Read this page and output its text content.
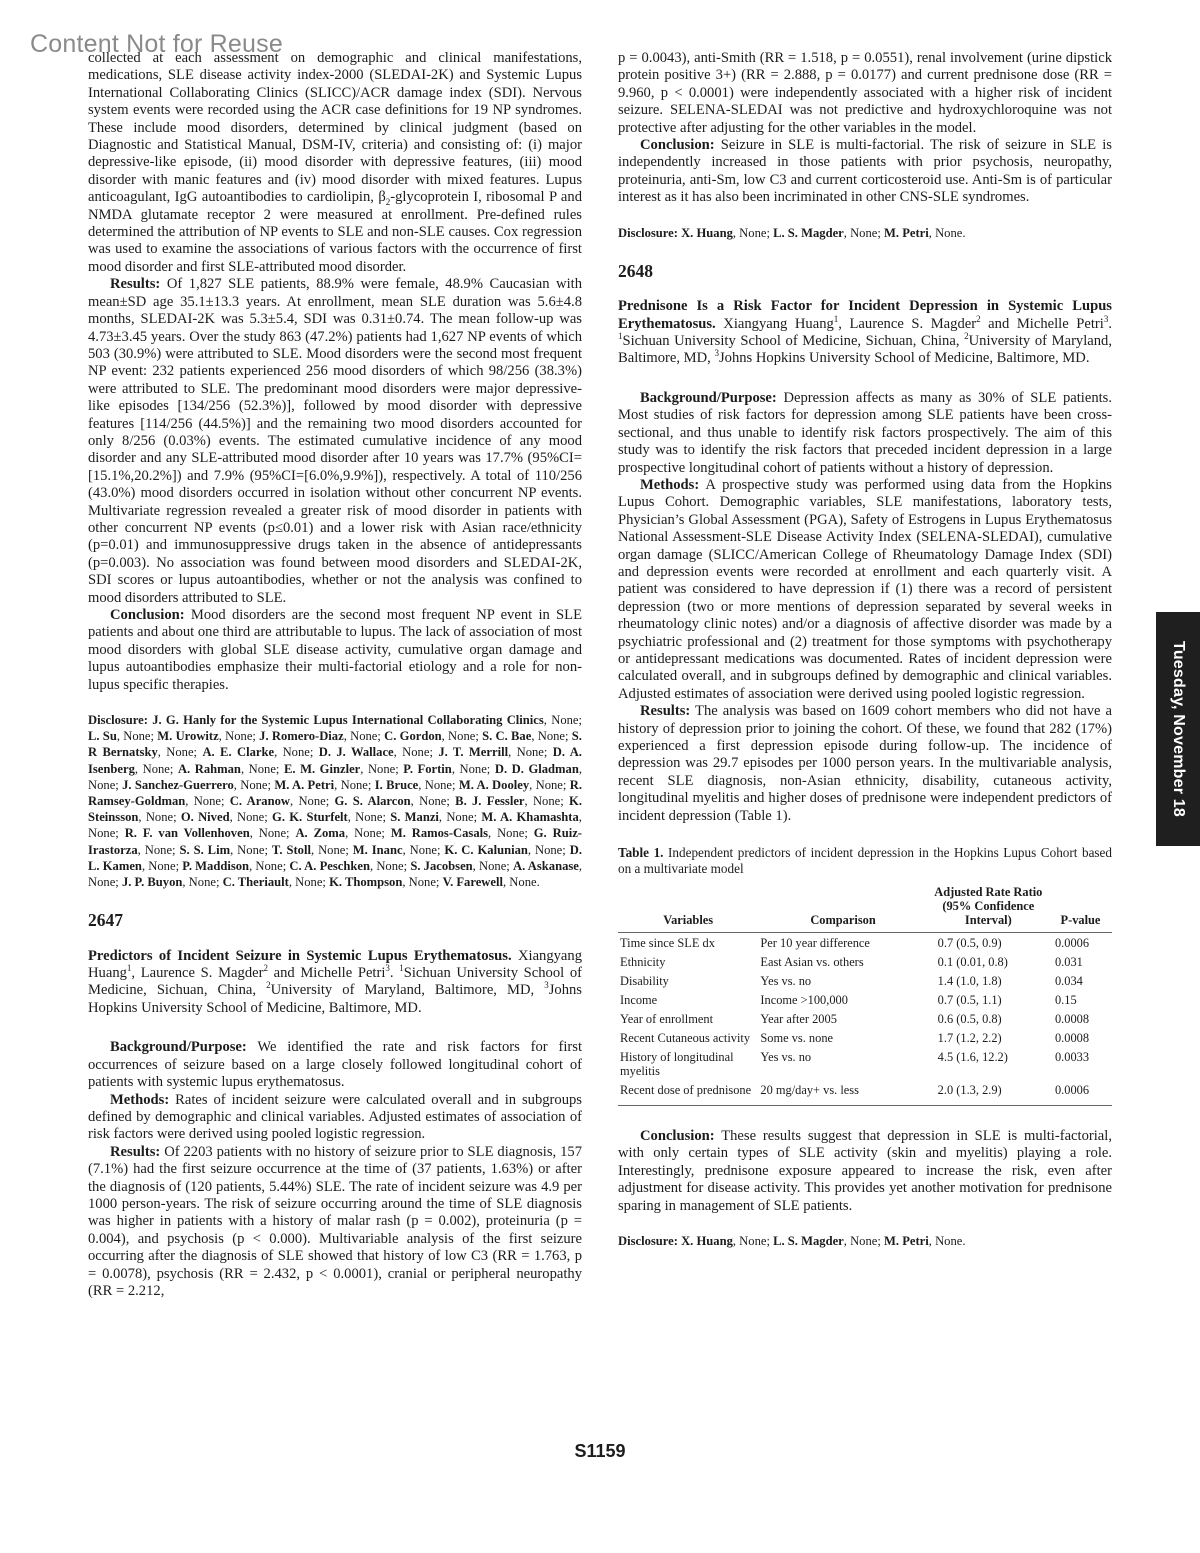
Content Not for Reuse

collected at each assessment on demographic and clinical manifestations, medications, SLE disease activity index-2000 (SLEDAI-2K) and Systemic Lupus International Collaborating Clinics (SLICC)/ACR damage index (SDI). Nervous system events were recorded using the ACR case definitions for 19 NP syndromes. These include mood disorders, determined by clinical judgment (based on Diagnostic and Statistical Manual, DSM-IV, criteria) and consisting of: (i) major depressive-like episode, (ii) mood disorder with depressive features, (iii) mood disorder with manic features and (iv) mood disorder with mixed features. Lupus anticoagulant, IgG autoantibodies to cardiolipin, $\beta_2$-glycoprotein I, ribosomal P and NMDA glutamate receptor 2 were measured at enrollment. Pre-defined rules determined the attribution of NP events to SLE and non-SLE causes. Cox regression was used to examine the associations of various factors with the occurrence of first mood disorder and first SLE-attributed mood disorder.

Results: Of 1,827 SLE patients, 88.9% were female, 48.9% Caucasian with mean±SD age 35.1±13.3 years. At enrollment, mean SLE duration was 5.6±4.8 months, SLEDAI-2K was 5.3±5.4, SDI was 0.31±0.74. The mean follow-up was 4.73±3.45 years. Over the study 863 (47.2%) patients had 1,627 NP events of which 503 (30.9%) were attributed to SLE. Mood disorders were the second most frequent NP event: 232 patients experienced 256 mood disorders of which 98/256 (38.3%) were attributed to SLE. The predominant mood disorders were major depressive-like episodes [134/256 (52.3%)], followed by mood disorder with depressive features [114/256 (44.5%)] and the remaining two mood disorders accounted for only 8/256 (0.03%) events. The estimated cumulative incidence of any mood disorder and any SLE-attributed mood disorder after 10 years was 17.7% (95%CI=[15.1%,20.2%]) and 7.9% (95%CI=[6.0%,9.9%]), respectively. A total of 110/256 (43.0%) mood disorders occurred in isolation without other concurrent NP events. Multivariate regression revealed a greater risk of mood disorder in patients with other concurrent NP events (p≤0.01) and a lower risk with Asian race/ethnicity (p=0.01) and immunosuppressive drugs taken in the absence of antidepressants (p=0.003). No association was found between mood disorders and SLEDAI-2K, SDI scores or lupus autoantibodies, whether or not the analysis was confined to mood disorders attributed to SLE.

Conclusion: Mood disorders are the second most frequent NP event in SLE patients and about one third are attributable to lupus. The lack of association of most mood disorders with global SLE disease activity, cumulative organ damage and lupus autoantibodies emphasize their multi-factorial etiology and a role for non-lupus specific therapies.

Disclosure: J. G. Hanly for the Systemic Lupus International Collaborating Clinics, None; L. Su, None; M. Urowitz, None; J. Romero-Diaz, None; C. Gordon, None; S. C. Bae, None; S. R Bernatsky, None; A. E. Clarke, None; D. J. Wallace, None; J. T. Merrill, None; D. A. Isenberg, None; A. Rahman, None; E. M. Ginzler, None; P. Fortin, None; D. D. Gladman, None; J. Sanchez-Guerrero, None; M. A. Petri, None; I. Bruce, None; M. A. Dooley, None; R. Ramsey-Goldman, None; C. Aranow, None; G. S. Alarcon, None; B. J. Fessler, None; K. Steinsson, None; O. Nived, None; G. K. Sturfelt, None; S. Manzi, None; M. A. Khamashta, None; R. F. van Vollenhoven, None; A. Zoma, None; M. Ramos-Casals, None; G. Ruiz-Irastorza, None; S. S. Lim, None; T. Stoll, None; M. Inanc, None; K. C. Kalunian, None; D. L. Kamen, None; P. Maddison, None; C. A. Peschken, None; S. Jacobsen, None; A. Askanase, None; J. P. Buyon, None; C. Theriault, None; K. Thompson, None; V. Farewell, None.

2647

Predictors of Incident Seizure in Systemic Lupus Erythematosus. Xiangyang Huang$^1$, Laurence S. Magder$^2$ and Michelle Petri$^3$. $^1$Sichuan University School of Medicine, Sichuan, China, $^2$University of Maryland, Baltimore, MD, $^3$Johns Hopkins University School of Medicine, Baltimore, MD.

Background/Purpose: We identified the rate and risk factors for first occurrences of seizure based on a large closely followed longitudinal cohort of patients with systemic lupus erythematosus.

Methods: Rates of incident seizure were calculated overall and in subgroups defined by demographic and clinical variables. Adjusted estimates of association of risk factors were derived using pooled logistic regression.

Results: Of 2203 patients with no history of seizure prior to SLE diagnosis, 157 (7.1%) had the first seizure occurrence at the time of (37 patients, 1.63%) or after the diagnosis of (120 patients, 5.44%) SLE. The rate of incident seizure was 4.9 per 1000 person-years. The risk of seizure occurring around the time of SLE diagnosis was higher in patients with a history of malar rash (p = 0.002), proteinuria (p = 0.004), and psychosis (p < 0.000). Multivariable analysis of the first seizure occurring after the diagnosis of SLE showed that history of low C3 (RR = 1.763, p = 0.0078), psychosis (RR = 2.432, p < 0.0001), cranial or peripheral neuropathy (RR = 2.212,

p = 0.0043), anti-Smith (RR = 1.518, p = 0.0551), renal involvement (urine dipstick protein positive 3+) (RR = 2.888, p = 0.0177) and current prednisone dose (RR = 9.960, p < 0.0001) were independently associated with a higher risk of incident seizure. SELENA-SLEDAI was not predictive and hydroxychloroquine was not protective after adjusting for the other variables in the model.

Conclusion: Seizure in SLE is multi-factorial. The risk of seizure in SLE is independently increased in those patients with prior psychosis, neuropathy, proteinuria, anti-Sm, low C3 and current corticosteroid use. Anti-Sm is of particular interest as it has also been incriminated in other CNS-SLE syndromes.

Disclosure: X. Huang, None; L. S. Magder, None; M. Petri, None.

2648

Prednisone Is a Risk Factor for Incident Depression in Systemic Lupus Erythematosus. Xiangyang Huang$^1$, Laurence S. Magder$^2$ and Michelle Petri$^3$. $^1$Sichuan University School of Medicine, Sichuan, China, $^2$University of Maryland, Baltimore, MD, $^3$Johns Hopkins University School of Medicine, Baltimore, MD.

Background/Purpose: Depression affects as many as 30% of SLE patients. Most studies of risk factors for depression among SLE patients have been cross-sectional, and thus unable to identify risk factors prospectively. The aim of this study was to identify the risk factors that preceded incident depression in a large prospective longitudinal cohort of patients without a history of depression.

Methods: A prospective study was performed using data from the Hopkins Lupus Cohort. Demographic variables, SLE manifestations, laboratory tests, Physician’s Global Assessment (PGA), Safety of Estrogens in Lupus Erythematosus National Assessment-SLE Disease Activity Index (SELENA-SLEDAI), cumulative organ damage (SLICC/American College of Rheumatology Damage Index (SDI) and depression events were recorded at enrollment and each quarterly visit. A patient was considered to have depression if (1) there was a record of persistent depression (two or more mentions of depression separated by several weeks in rheumatology clinic notes) and/or a diagnosis of affective disorder was made by a psychiatric professional and (2) treatment for those symptoms with psychotherapy or antidepressant medications was documented. Rates of incident depression were calculated overall, and in subgroups defined by demographic and clinical variables. Adjusted estimates of association were derived using pooled logistic regression.

Results: The analysis was based on 1609 cohort members who did not have a history of depression prior to joining the cohort. Of these, we found that 282 (17%) experienced a first depression episode during follow-up. The incidence of depression was 29.7 episodes per 1000 person years. In the multivariable analysis, recent SLE diagnosis, non-Asian ethnicity, disability, cutaneous activity, longitudinal myelitis and higher doses of prednisone were independent predictors of incident depression (Table 1).

Table 1. Independent predictors of incident depression in the Hopkins Lupus Cohort based on a multivariate model

Variables	Comparison	Adjusted Rate Ratio (95% Confidence Interval)	P-value
Time since SLE dx	Per 10 year difference	0.7 (0.5, 0.9)	0.0006
Ethnicity	East Asian vs. others	0.1 (0.01, 0.8)	0.031
Disability	Yes vs. no	1.4 (1.0, 1.8)	0.034
Income	Income >100,000	0.7 (0.5, 1.1)	0.15
Year of enrollment	Year after 2005	0.6 (0.5, 0.8)	0.0008
Recent Cutaneous activity	Some vs. none	1.7 (1.2, 2.2)	0.0008
History of longitudinal myelitis	Yes vs. no	4.5 (1.6, 12.2)	0.0033
Recent dose of prednisone	20 mg/day+ vs. less	2.0 (1.3, 2.9)	0.0006

Conclusion: These results suggest that depression in SLE is multi-factorial, with only certain types of SLE activity (skin and myelitis) playing a role. Interestingly, prednisone exposure appeared to increase the risk, even after adjustment for disease activity. This provides yet another motivation for prednisone sparing in management of SLE patients.

Disclosure: X. Huang, None; L. S. Magder, None; M. Petri, None.

Tuesday, November 18
S1159
